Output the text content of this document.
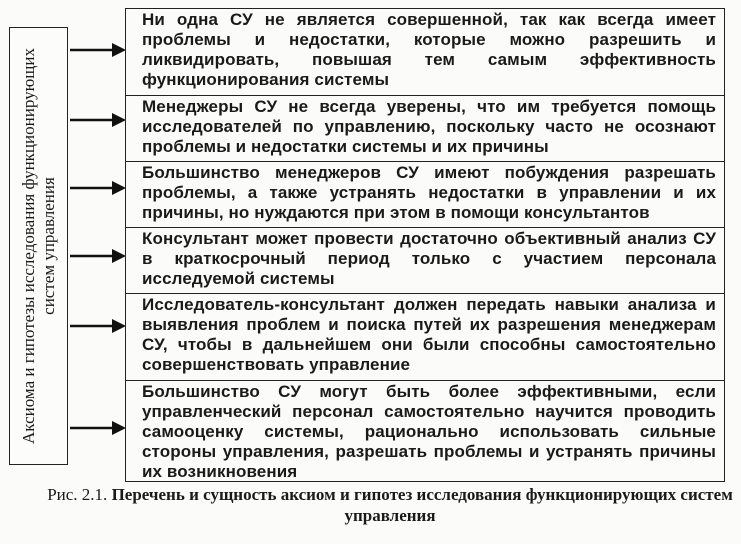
Аксиома и гипотезы исследования функционирующих систем управления
Ни одна СУ не является совершенной, так как всегда имеет проблемы и недостатки, которые можно разрешить и ликвидировать, повышая тем самым эффективность функционирования системы
Менеджеры СУ не всегда уверены, что им требуется помощь исследователей по управлению, поскольку часто не осознают проблемы и недостатки системы и их причины
Большинство менеджеров СУ имеют побуждения разрешать проблемы, а также устранять недостатки в управлении и их причины, но нуждаются при этом в помощи консультантов
Консультант может провести достаточно объективный анализ СУ в краткосрочный период только с участием персонала исследуемой системы
Исследователь-консультант должен передать навыки анализа и выявления проблем и поиска путей их разрешения менеджерам СУ, чтобы в дальнейшем они были способны самостоятельно совершенствовать управление
Большинство СУ могут быть более эффективными, если управленческий персонал самостоятельно научится проводить самооценку системы, рационально использовать сильные стороны управления, разрешать проблемы и устранять причины их возникновения
Рис. 2.1. Перечень и сущность аксиом и гипотез исследования функционирующих систем управления
